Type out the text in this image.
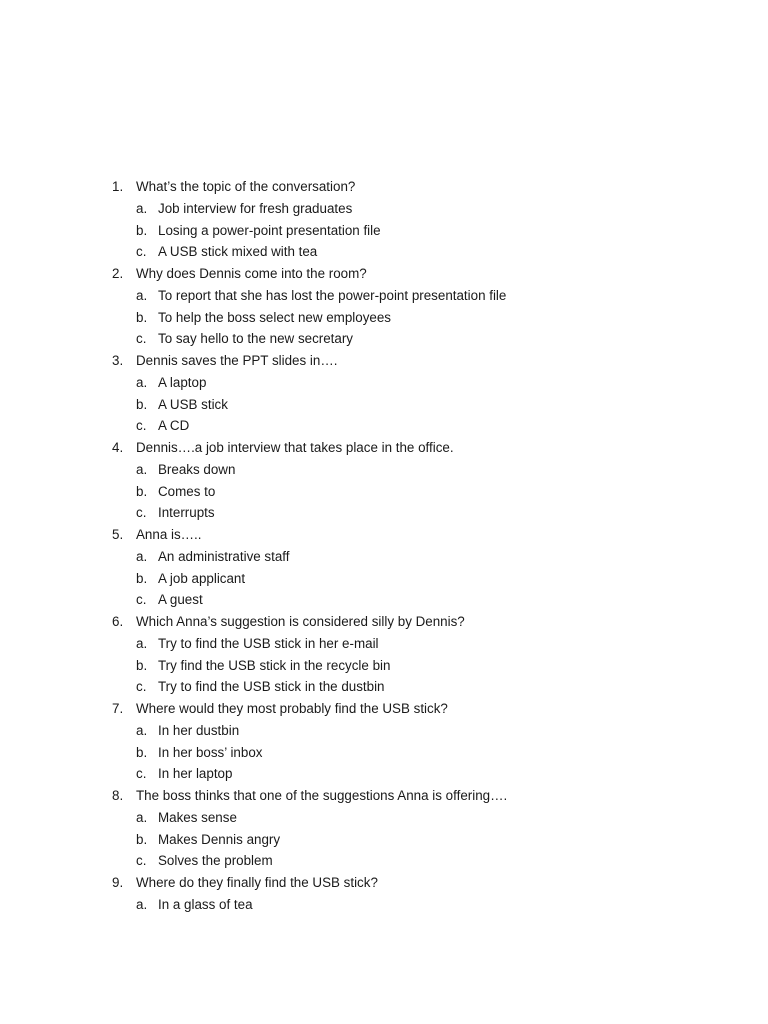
1. What’s the topic of the conversation?
a. Job interview for fresh graduates
b. Losing a power-point presentation file
c. A USB stick mixed with tea
2. Why does Dennis come into the room?
a. To report that she has lost the power-point presentation file
b. To help the boss select new employees
c. To say hello to the new secretary
3. Dennis saves the PPT slides in….
a. A laptop
b. A USB stick
c. A CD
4. Dennis….a job interview that takes place in the office.
a. Breaks down
b. Comes to
c. Interrupts
5. Anna is…..
a. An administrative staff
b. A job applicant
c. A guest
6. Which Anna’s suggestion is considered silly by Dennis?
a. Try to find the USB stick in her e-mail
b. Try find the USB stick in the recycle bin
c. Try to find the USB stick in the dustbin
7. Where would they most probably find the USB stick?
a. In her dustbin
b. In her boss’ inbox
c. In her laptop
8. The boss thinks that one of the suggestions Anna is offering….
a. Makes sense
b. Makes Dennis angry
c. Solves the problem
9. Where do they finally find the USB stick?
a. In a glass of tea
